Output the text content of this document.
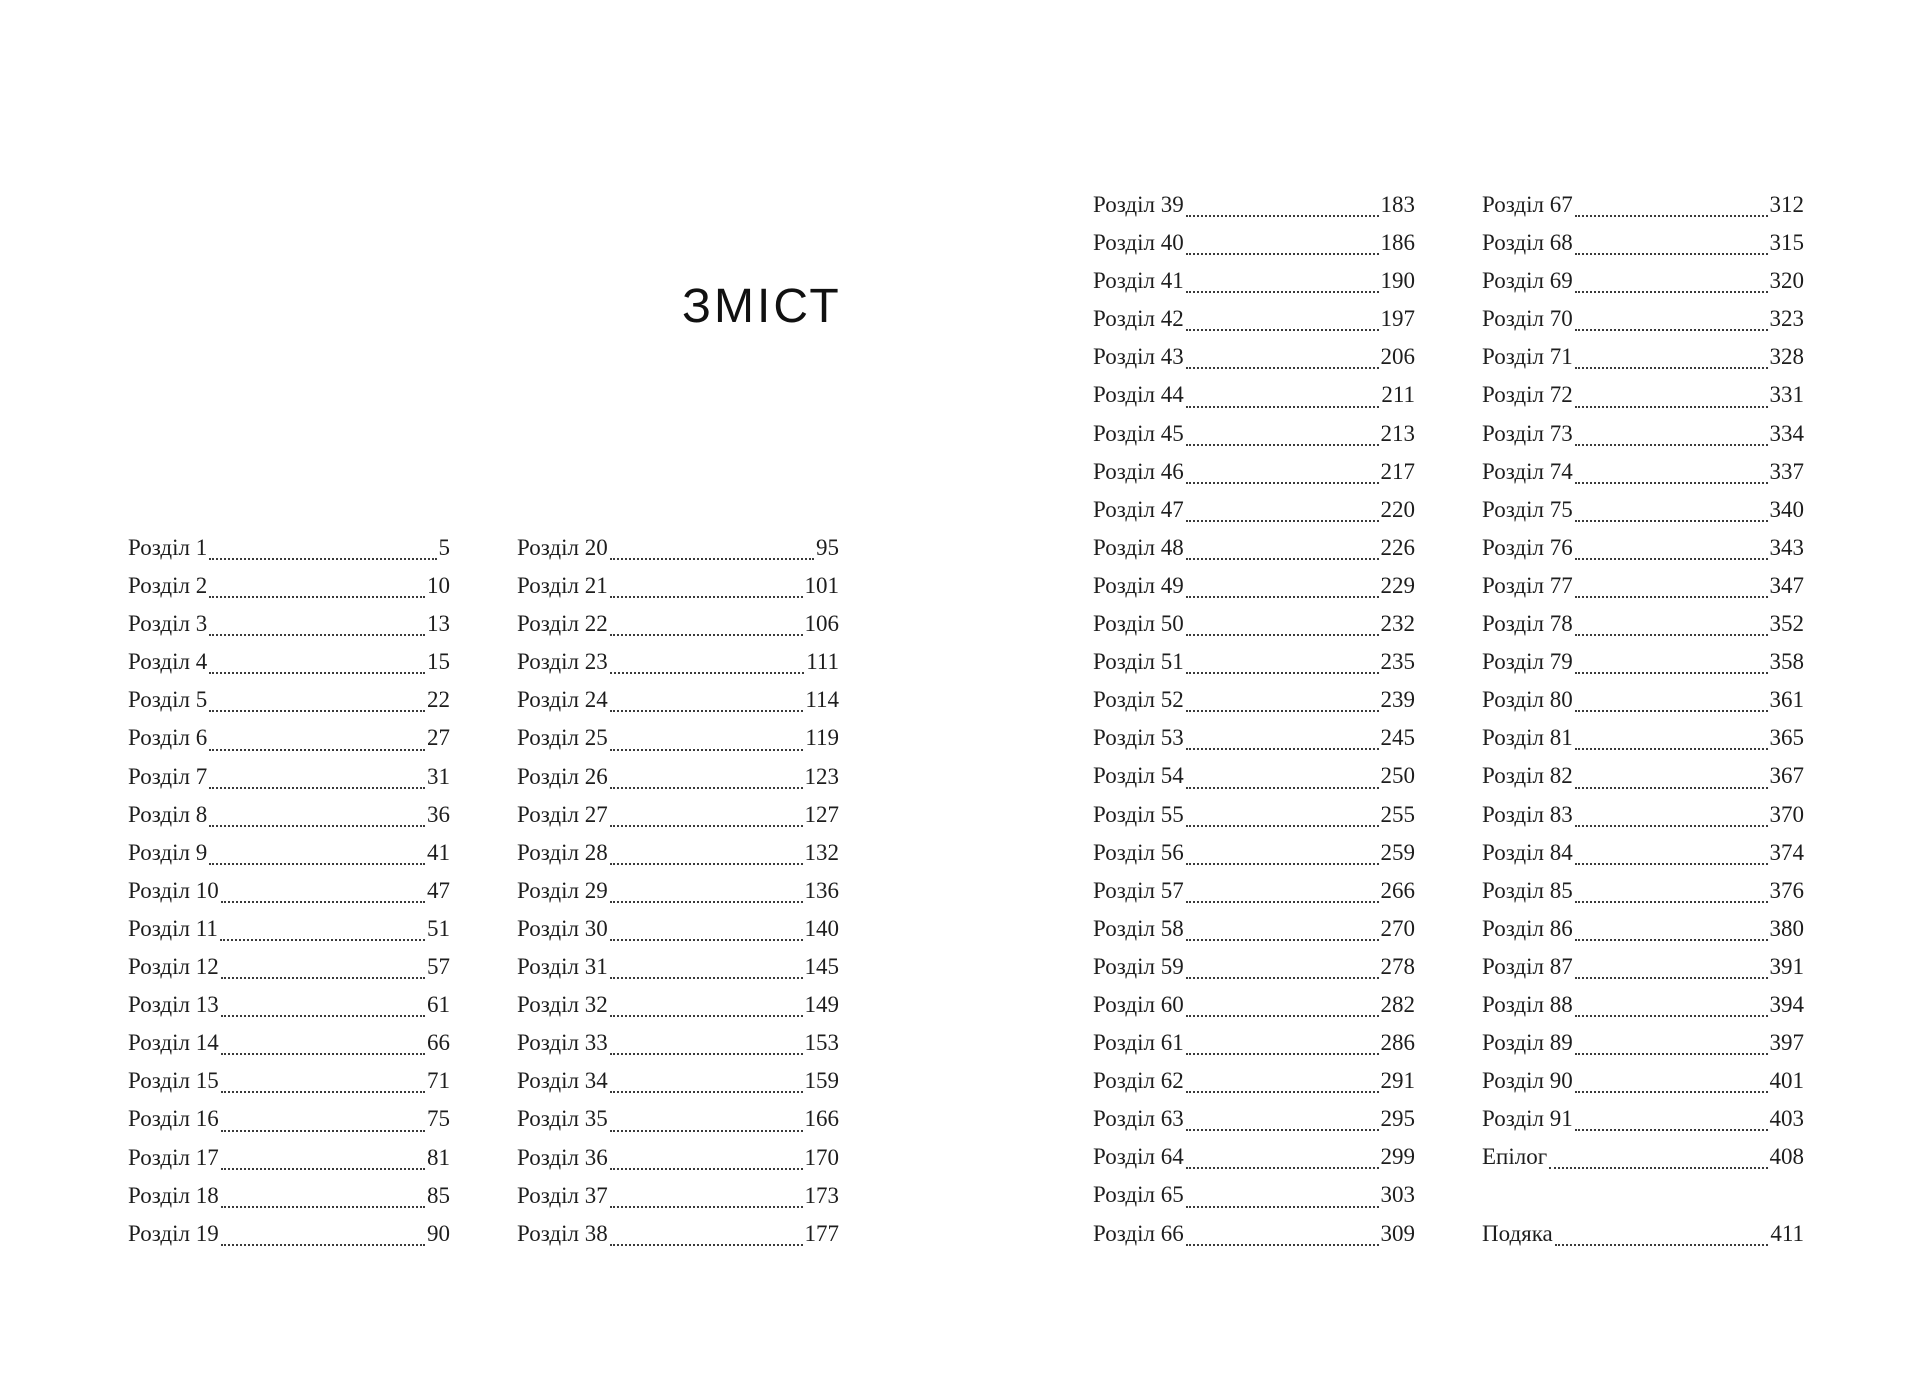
ЗМІСТ
Розділ 1	5
Розділ 2	10
Розділ 3	13
Розділ 4	15
Розділ 5	22
Розділ 6	27
Розділ 7	31
Розділ 8	36
Розділ 9	41
Розділ 10	47
Розділ 11	51
Розділ 12	57
Розділ 13	61
Розділ 14	66
Розділ 15	71
Розділ 16	75
Розділ 17	81
Розділ 18	85
Розділ 19	90
Розділ 20	95
Розділ 21	101
Розділ 22	106
Розділ 23	111
Розділ 24	114
Розділ 25	119
Розділ 26	123
Розділ 27	127
Розділ 28	132
Розділ 29	136
Розділ 30	140
Розділ 31	145
Розділ 32	149
Розділ 33	153
Розділ 34	159
Розділ 35	166
Розділ 36	170
Розділ 37	173
Розділ 38	177
Розділ 39	183
Розділ 40	186
Розділ 41	190
Розділ 42	197
Розділ 43	206
Розділ 44	211
Розділ 45	213
Розділ 46	217
Розділ 47	220
Розділ 48	226
Розділ 49	229
Розділ 50	232
Розділ 51	235
Розділ 52	239
Розділ 53	245
Розділ 54	250
Розділ 55	255
Розділ 56	259
Розділ 57	266
Розділ 58	270
Розділ 59	278
Розділ 60	282
Розділ 61	286
Розділ 62	291
Розділ 63	295
Розділ 64	299
Розділ 65	303
Розділ 66	309
Розділ 67	312
Розділ 68	315
Розділ 69	320
Розділ 70	323
Розділ 71	328
Розділ 72	331
Розділ 73	334
Розділ 74	337
Розділ 75	340
Розділ 76	343
Розділ 77	347
Розділ 78	352
Розділ 79	358
Розділ 80	361
Розділ 81	365
Розділ 82	367
Розділ 83	370
Розділ 84	374
Розділ 85	376
Розділ 86	380
Розділ 87	391
Розділ 88	394
Розділ 89	397
Розділ 90	401
Розділ 91	403
Епілог	408
Подяка	411
